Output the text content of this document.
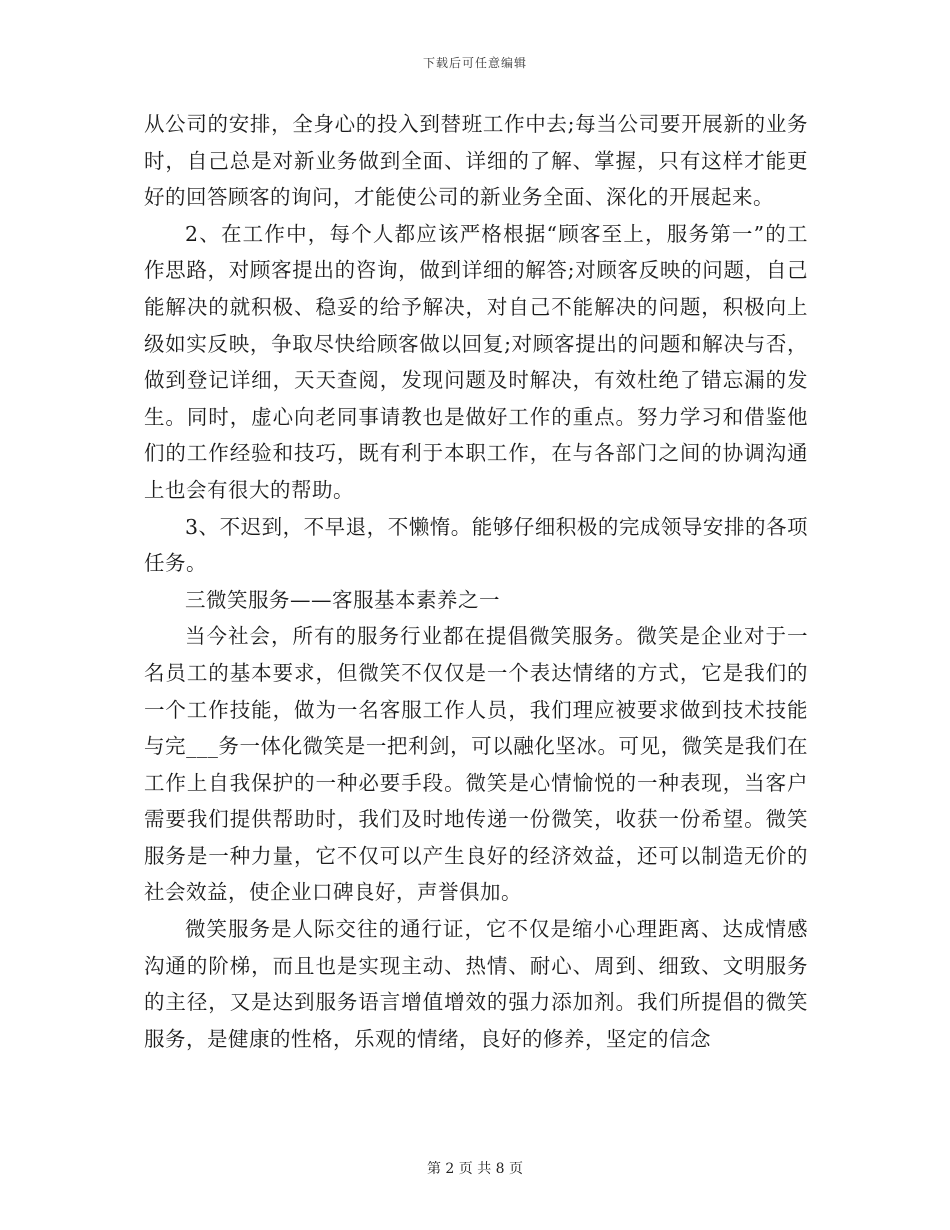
下载后可任意编辑

从公司的安排，全身心的投入到替班工作中去;每当公司要开展新的业务时，自己总是对新业务做到全面、详细的了解、掌握，只有这样才能更好的回答顾客的询问，才能使公司的新业务全面、深化的开展起来。

2、在工作中，每个人都应该严格根据“顾客至上，服务第一”的工作思路，对顾客提出的咨询，做到详细的解答;对顾客反映的问题，自己能解决的就积极、稳妥的给予解决，对自己不能解决的问题，积极向上级如实反映，争取尽快给顾客做以回复;对顾客提出的问题和解决与否，做到登记详细，天天查阅，发现问题及时解决，有效杜绝了错忘漏的发生。同时，虚心向老同事请教也是做好工作的重点。努力学习和借鉴他们的工作经验和技巧，既有利于本职工作，在与各部门之间的协调沟通上也会有很大的帮助。

3、不迟到，不早退，不懒惰。能够仔细积极的完成领导安排的各项任务。

三微笑服务——客服基本素养之一

当今社会，所有的服务行业都在提倡微笑服务。微笑是企业对于一名员工的基本要求，但微笑不仅仅是一个表达情绪的方式，它是我们的一个工作技能，做为一名客服工作人员，我们理应被要求做到技术技能与完___务一体化微笑是一把利剑，可以融化坚冰。可见，微笑是我们在工作上自我保护的一种必要手段。微笑是心情愉悦的一种表现，当客户需要我们提供帮助时，我们及时地传递一份微笑，收获一份希望。微笑服务是一种力量，它不仅可以产生良好的经济效益，还可以制造无价的社会效益，使企业口碑良好，声誉俱加。

微笑服务是人际交往的通行证，它不仅是缩小心理距离、达成情感沟通的阶梯，而且也是实现主动、热情、耐心、周到、细致、文明服务的主径，又是达到服务语言增值增效的强力添加剂。我们所提倡的微笑服务，是健康的性格，乐观的情绪，良好的修养，坚定的信念

第 2 页 共 8 页
